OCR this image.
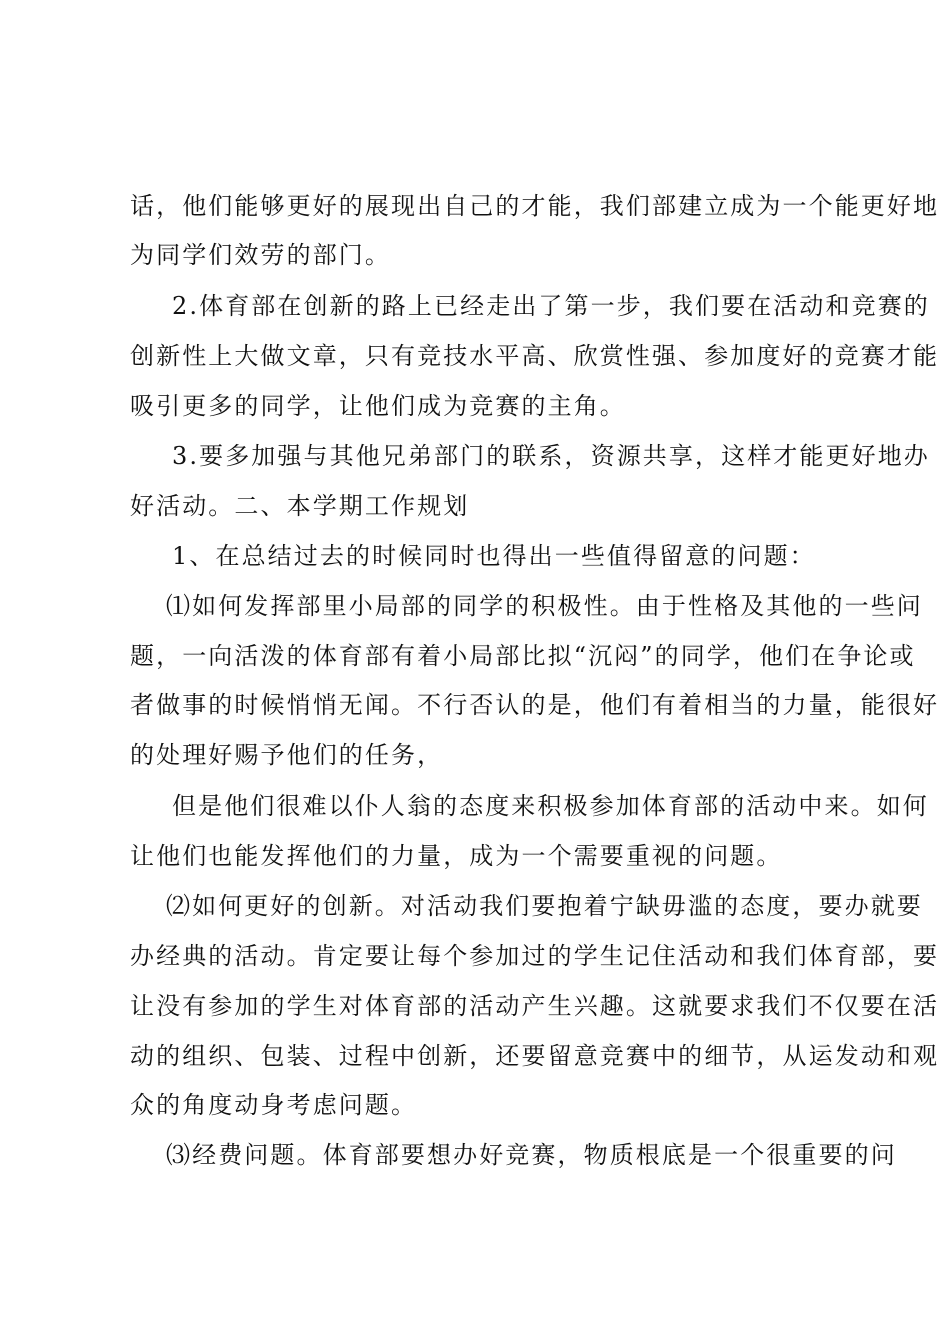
话，他们能够更好的展现出自己的才能，我们部建立成为一个能更好地
为同学们效劳的部门。
2.体育部在创新的路上已经走出了第一步，我们要在活动和竞赛的
创新性上大做文章，只有竞技水平高、欣赏性强、参加度好的竞赛才能
吸引更多的同学，让他们成为竞赛的主角。
3.要多加强与其他兄弟部门的联系，资源共享，这样才能更好地办
好活动。二、本学期工作规划
1、在总结过去的时候同时也得出一些值得留意的问题：
⑴如何发挥部里小局部的同学的积极性。由于性格及其他的一些问
题，一向活泼的体育部有着小局部比拟“沉闷”的同学，他们在争论或
者做事的时候悄悄无闻。不行否认的是，他们有着相当的力量，能很好
的处理好赐予他们的任务，
但是他们很难以仆人翁的态度来积极参加体育部的活动中来。如何
让他们也能发挥他们的力量，成为一个需要重视的问题。
⑵如何更好的创新。对活动我们要抱着宁缺毋滥的态度，要办就要
办经典的活动。肯定要让每个参加过的学生记住活动和我们体育部，要
让没有参加的学生对体育部的活动产生兴趣。这就要求我们不仅要在活
动的组织、包装、过程中创新，还要留意竞赛中的细节，从运发动和观
众的角度动身考虑问题。
⑶经费问题。体育部要想办好竞赛，物质根底是一个很重要的问
